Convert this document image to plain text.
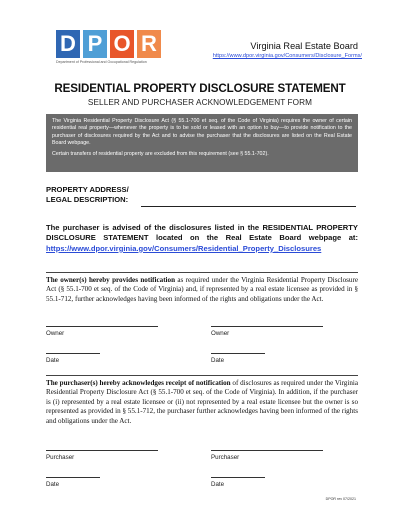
D P O R
Department of Professional and Occupational Regulation
Virginia Real Estate Board
https://www.dpor.virginia.gov/Consumers/Disclosure_Forms/
RESIDENTIAL PROPERTY DISCLOSURE STATEMENT
SELLER AND PURCHASER ACKNOWLEDGEMENT FORM

The Virginia Residential Property Disclosure Act (§ 55.1-700 et seq. of the Code of Virginia) requires the owner of certain residential real property—whenever the property is to be sold or leased with an option to buy—to provide notification to the purchaser of disclosures required by the Act and to advise the purchaser that the disclosures are listed on the Real Estate Board webpage.

Certain transfers of residential property are excluded from this requirement (see § 55.1-702).

PROPERTY ADDRESS/
LEGAL DESCRIPTION:
The purchaser is advised of the disclosures listed in the RESIDENTIAL PROPERTY DISCLOSURE STATEMENT located on the Real Estate Board webpage at: https://www.dpor.virginia.gov/Consumers/Residential_Property_Disclosures
The owner(s) hereby provides notification as required under the Virginia Residential Property Disclosure Act (§ 55.1-700 et seq. of the Code of Virginia) and, if represented by a real estate licensee as provided in § 55.1-712, further acknowledges having been informed of the rights and obligations under the Act.
Owner	Owner
Date	Date
The purchaser(s) hereby acknowledges receipt of notification of disclosures as required under the Virginia Residential Property Disclosure Act (§ 55.1-700 et seq. of the Code of Virginia). In addition, if the purchaser is (i) represented by a real estate licensee or (ii) not represented by a real estate licensee but the owner is so represented as provided in § 55.1-712, the purchaser further acknowledges having been informed of the rights and obligations under the Act.
Purchaser	Purchaser
Date	Date
DPOR rev 07/2021
